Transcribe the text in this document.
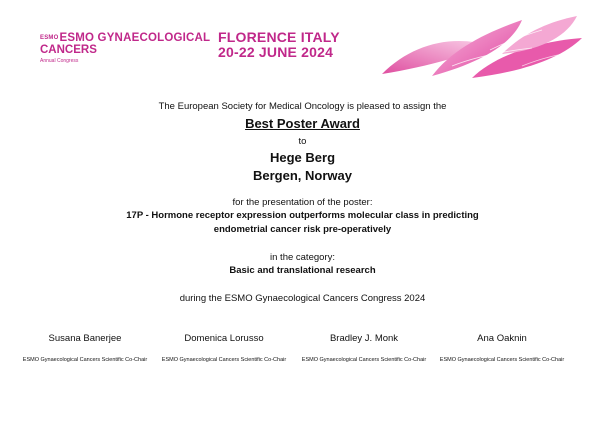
$^{ESMO}$ESMO GYNAECOLOGICAL
CANCERS
Annual Congress
FLORENCE ITALY
20-22 JUNE 2024
The European Society for Medical Oncology is pleased to assign the
Best Poster Award
to
Hege Berg
Bergen, Norway
for the presentation of the poster:
17P - Hormone receptor expression outperforms molecular class in predicting
endometrial cancer risk pre-operatively
in the category:
Basic and translational research
during the ESMO Gynaecological Cancers Congress 2024
Susana Banerjee
ESMO Gynaecological Cancers Scientific Co-Chair
Domenica Lorusso
ESMO Gynaecological Cancers Scientific Co-Chair
Bradley J. Monk
ESMO Gynaecological Cancers Scientific Co-Chair
Ana Oaknin
ESMO Gynaecological Cancers Scientific Co-Chair
